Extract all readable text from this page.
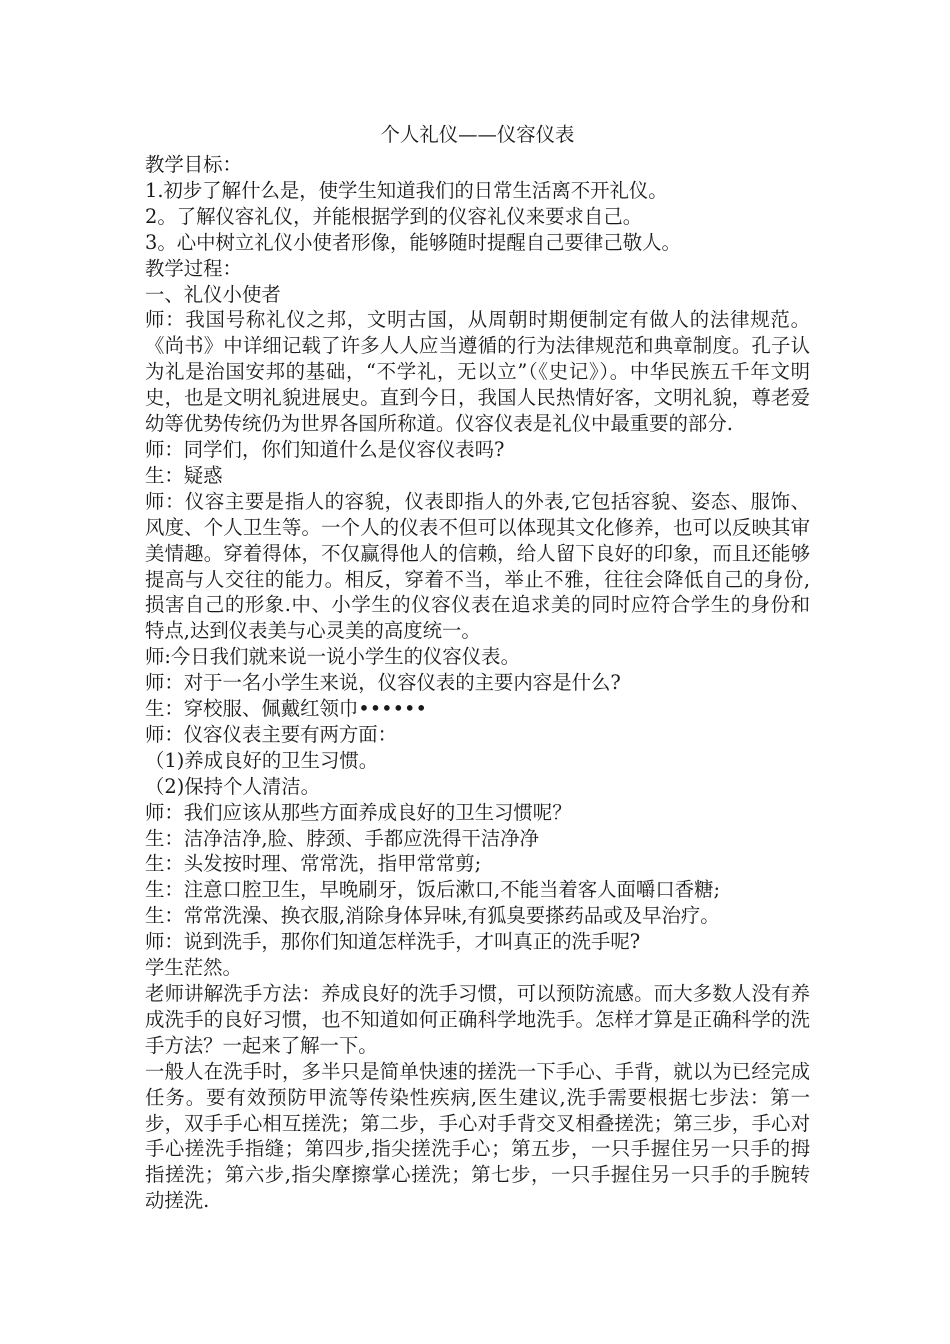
个人礼仪——仪容仪表

教学目标：

1.初步了解什么是，使学生知道我们的日常生活离不开礼仪。

2。了解仪容礼仪，并能根据学到的仪容礼仪来要求自己。

3。心中树立礼仪小使者形像，能够随时提醒自己要律己敬人。

教学过程：

一、礼仪小使者

师：我国号称礼仪之邦，文明古国，从周朝时期便制定有做人的法律规范。《尚书》中详细记载了许多人人应当遵循的行为法律规范和典章制度。孔子认为礼是治国安邦的基础，“不学礼，无以立”（《史记》）。中华民族五千年文明史，也是文明礼貌进展史。直到今日，我国人民热情好客，文明礼貌，尊老爱幼等优势传统仍为世界各国所称道。仪容仪表是礼仪中最重要的部分.

师：同学们，你们知道什么是仪容仪表吗?

生：疑惑

师：仪容主要是指人的容貌，仪表即指人的外表,它包括容貌、姿态、服饰、风度、个人卫生等。一个人的仪表不但可以体现其文化修养，也可以反映其审美情趣。穿着得体，不仅赢得他人的信赖，给人留下良好的印象，而且还能够提高与人交往的能力。相反，穿着不当，举止不雅，往往会降低自己的身份,损害自己的形象.中、小学生的仪容仪表在追求美的同时应符合学生的身份和特点,达到仪表美与心灵美的高度统一。

师:今日我们就来说一说小学生的仪容仪表。

师：对于一名小学生来说，仪容仪表的主要内容是什么?

生：穿校服、佩戴红领巾••••••

师：仪容仪表主要有两方面：

（1)养成良好的卫生习惯。

（2)保持个人清洁。

师：我们应该从那些方面养成良好的卫生习惯呢？

生：洁净洁净,脸、脖颈、手都应洗得干洁净净

生：头发按时理、常常洗，指甲常常剪;

生：注意口腔卫生，早晚刷牙，饭后漱口,不能当着客人面嚼口香糖;

生：常常洗澡、换衣服,消除身体异味,有狐臭要搽药品或及早治疗。

师：说到洗手，那你们知道怎样洗手，才叫真正的洗手呢?

学生茫然。

老师讲解洗手方法：养成良好的洗手习惯，可以预防流感。而大多数人没有养成洗手的良好习惯，也不知道如何正确科学地洗手。怎样才算是正确科学的洗手方法？一起来了解一下。

一般人在洗手时，多半只是简单快速的搓洗一下手心、手背，就以为已经完成任务。要有效预防甲流等传染性疾病,医生建议,洗手需要根据七步法：第一步，双手手心相互搓洗；第二步，手心对手背交叉相叠搓洗；第三步，手心对手心搓洗手指缝；第四步,指尖搓洗手心；第五步，一只手握住另一只手的拇指搓洗；第六步,指尖摩擦掌心搓洗；第七步，一只手握住另一只手的手腕转动搓洗.
